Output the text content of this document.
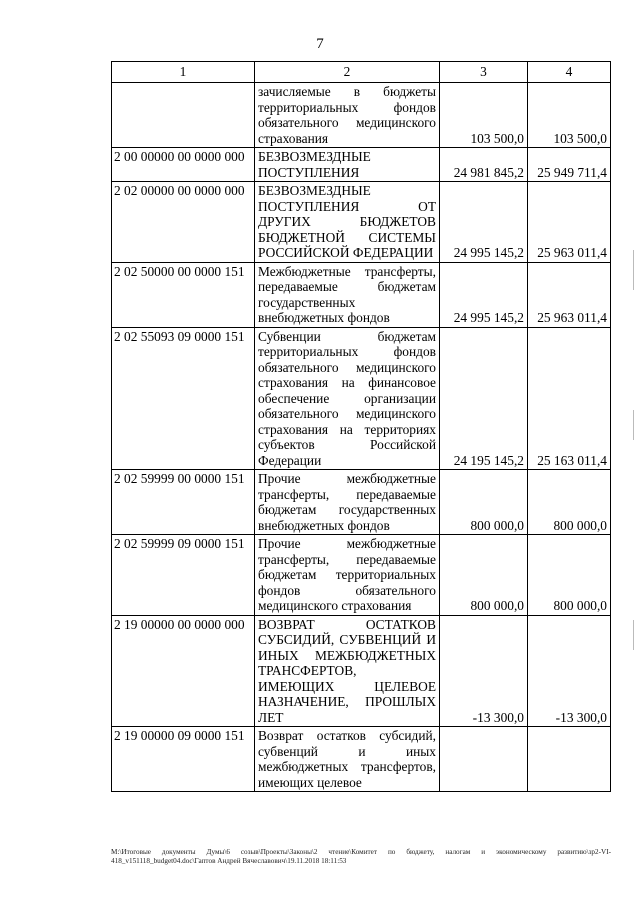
7
1	2	3	4
	зачисляемые в бюджеты территориальных фондов обязательного медицинского страхования	103 500,0	103 500,0
2 00 00000 00 0000 000	БЕЗВОЗМЕЗДНЫЕ ПОСТУПЛЕНИЯ	24 981 845,2	25 949 711,4
2 02 00000 00 0000 000	БЕЗВОЗМЕЗДНЫЕ ПОСТУПЛЕНИЯ ОТ ДРУГИХ БЮДЖЕТОВ БЮДЖЕТНОЙ СИСТЕМЫ РОССИЙСКОЙ ФЕДЕРАЦИИ	24 995 145,2	25 963 011,4
2 02 50000 00 0000 151	Межбюджетные трансферты, передаваемые бюджетам государственных внебюджетных фондов	24 995 145,2	25 963 011,4
2 02 55093 09 0000 151	Субвенции бюджетам территориальных фондов обязательного медицинского страхования на финансовое обеспечение организации обязательного медицинского страхования на территориях субъектов Российской Федерации	24 195 145,2	25 163 011,4
2 02 59999 00 0000 151	Прочие межбюджетные трансферты, передаваемые бюджетам государственных внебюджетных фондов	800 000,0	800 000,0
2 02 59999 09 0000 151	Прочие межбюджетные трансферты, передаваемые бюджетам территориальных фондов обязательного медицинского страхования	800 000,0	800 000,0
2 19 00000 00 0000 000	ВОЗВРАТ ОСТАТКОВ СУБСИДИЙ, СУБВЕНЦИЙ И ИНЫХ МЕЖБЮДЖЕТНЫХ ТРАНСФЕРТОВ, ИМЕЮЩИХ ЦЕЛЕВОЕ НАЗНАЧЕНИЕ, ПРОШЛЫХ ЛЕТ	-13 300,0	-13 300,0
2 19 00000 09 0000 151	Возврат остатков субсидий, субвенций и иных межбюджетных трансфертов, имеющих целевое		
M:\Итоговые документы Думы\6 созыв\Проекты\Законы\2 чтение\Комитет по бюджету, налогам и экономическому развитию\зр2-VI-418_v151118_budget04.doc\Гаптов Андрей Вячеславович\19.11.2018 18:11:53
